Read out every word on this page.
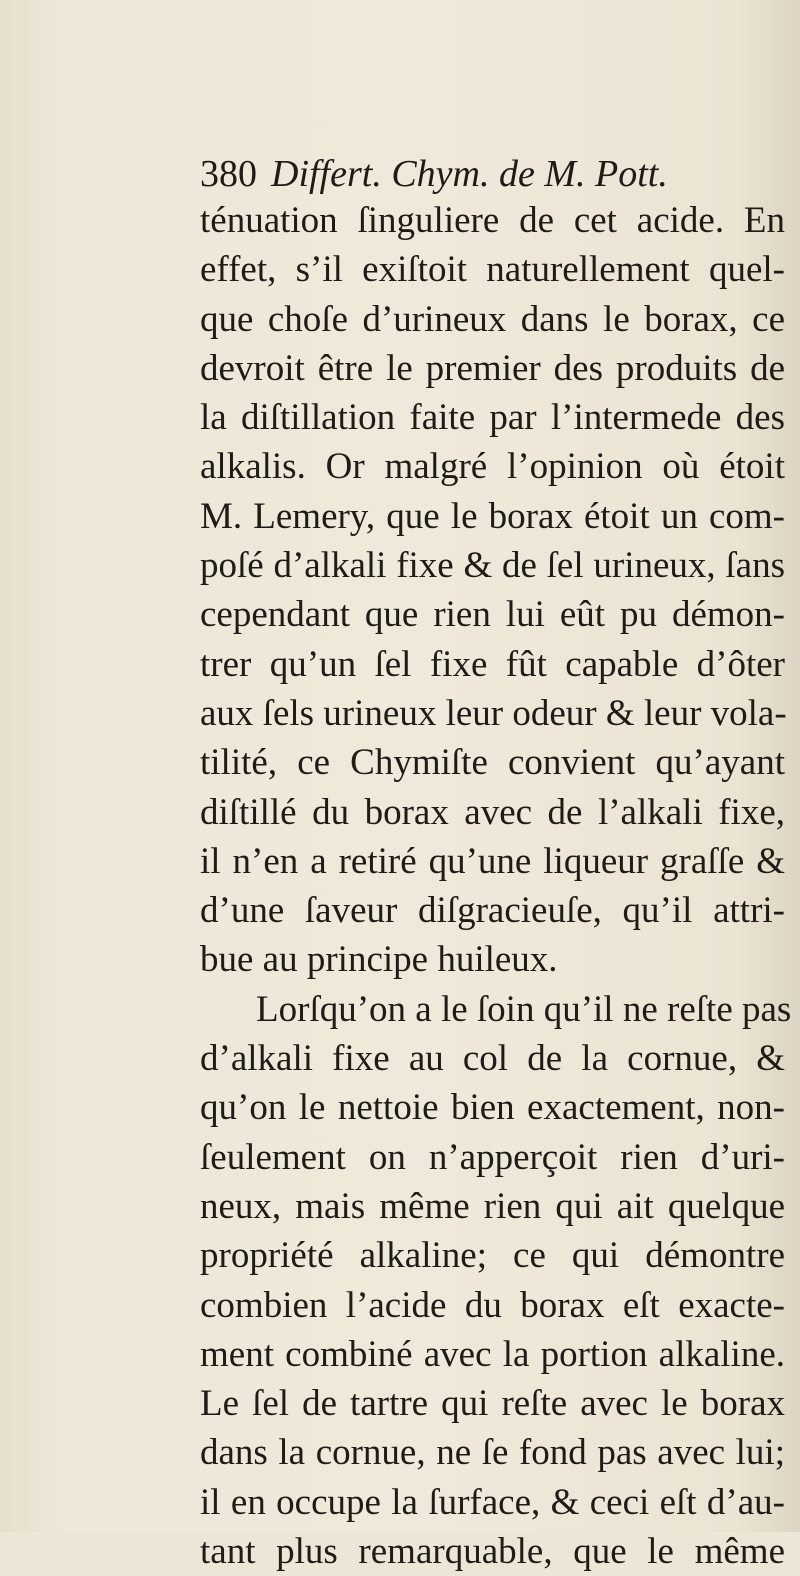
380 Differt. Chym. de M. Pott.
ténuation ſinguliere de cet acide. En
effet, s’il exiſtoit naturellement quel-
que choſe d’urineux dans le borax, ce
devroit être le premier des produits de
la diſtillation faite par l’intermede des
alkalis. Or malgré l’opinion où étoit
M. Lemery, que le borax étoit un com-
poſé d’alkali fixe & de ſel urineux, ſans
cependant que rien lui eût pu démon-
trer qu’un ſel fixe fût capable d’ôter
aux ſels urineux leur odeur & leur vola-
tilité, ce Chymiſte convient qu’ayant
diſtillé du borax avec de l’alkali fixe,
il n’en a retiré qu’une liqueur graſſe &
d’une ſaveur diſgracieuſe, qu’il attri-
bue au principe huileux.
Lorſqu’on a le ſoin qu’il ne reſte pas
d’alkali fixe au col de la cornue, &
qu’on le nettoie bien exactement, non-
ſeulement on n’apperçoit rien d’uri-
neux, mais même rien qui ait quelque
propriété alkaline; ce qui démontre
combien l’acide du borax eſt exacte-
ment combiné avec la portion alkaline.
Le ſel de tartre qui reſte avec le borax
dans la cornue, ne ſe fond pas avec lui;
il en occupe la ſurface, & ceci eſt d’au-
tant plus remarquable, que le même
